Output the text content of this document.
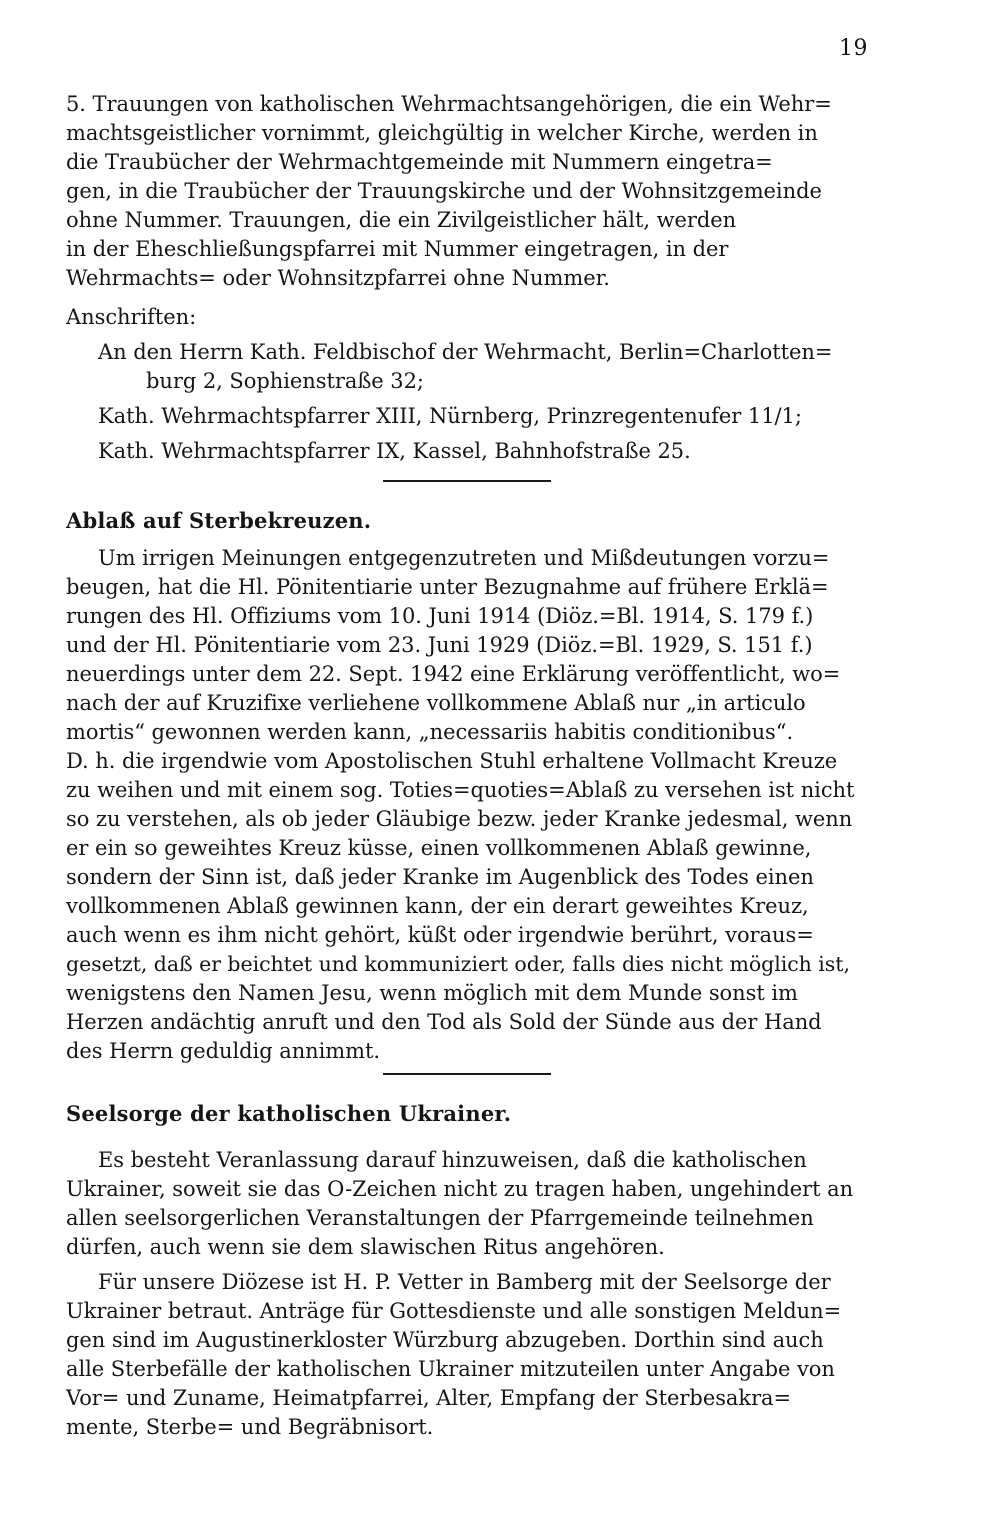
19
5. Trauungen von katholischen Wehrmachtsangehörigen, die ein Wehr=
machtsgeistlicher vornimmt, gleichgültig in welcher Kirche, werden in
die Traubücher der Wehrmachtgemeinde mit Nummern eingetra=
gen, in die Traubücher der Trauungskirche und der Wohnsitzgemeinde
ohne Nummer. Trauungen, die ein Zivilgeistlicher hält, werden
in der Eheschließungspfarrei mit Nummer eingetragen, in der
Wehrmachts= oder Wohnsitzpfarrei ohne Nummer.
Anschriften:
An den Herrn Kath. Feldbischof der Wehrmacht, Berlin=Charlotten=
burg 2, Sophienstraße 32;
Kath. Wehrmachtspfarrer XIII, Nürnberg, Prinzregentenufer 11/1;
Kath. Wehrmachtspfarrer IX, Kassel, Bahnhofstraße 25.
Ablaß auf Sterbekreuzen.
Um irrigen Meinungen entgegenzutreten und Mißdeutungen vorzu=
beugen, hat die Hl. Pönitentiarie unter Bezugnahme auf frühere Erklä=
rungen des Hl. Offiziums vom 10. Juni 1914 (Diöz.=Bl. 1914, S. 179 f.)
und der Hl. Pönitentiarie vom 23. Juni 1929 (Diöz.=Bl. 1929, S. 151 f.)
neuerdings unter dem 22. Sept. 1942 eine Erklärung veröffentlicht, wo=
nach der auf Kruzifixe verliehene vollkommene Ablaß nur „in articulo
mortis“ gewonnen werden kann, „necessariis habitis conditionibus“.
D. h. die irgendwie vom Apostolischen Stuhl erhaltene Vollmacht Kreuze
zu weihen und mit einem sog. Toties=quoties=Ablaß zu versehen ist nicht
so zu verstehen, als ob jeder Gläubige bezw. jeder Kranke jedesmal, wenn
er ein so geweihtes Kreuz küsse, einen vollkommenen Ablaß gewinne,
sondern der Sinn ist, daß jeder Kranke im Augenblick des Todes einen
vollkommenen Ablaß gewinnen kann, der ein derart geweihtes Kreuz,
auch wenn es ihm nicht gehört, küßt oder irgendwie berührt, voraus=
gesetzt, daß er beichtet und kommuniziert oder, falls dies nicht möglich ist,
wenigstens den Namen Jesu, wenn möglich mit dem Munde sonst im
Herzen andächtig anruft und den Tod als Sold der Sünde aus der Hand
des Herrn geduldig annimmt.
Seelsorge der katholischen Ukrainer.
Es besteht Veranlassung darauf hinzuweisen, daß die katholischen
Ukrainer, soweit sie das O-Zeichen nicht zu tragen haben, ungehindert an
allen seelsorgerlichen Veranstaltungen der Pfarrgemeinde teilnehmen
dürfen, auch wenn sie dem slawischen Ritus angehören.
Für unsere Diözese ist H. P. Vetter in Bamberg mit der Seelsorge der
Ukrainer betraut. Anträge für Gottesdienste und alle sonstigen Meldun=
gen sind im Augustinerkloster Würzburg abzugeben. Dorthin sind auch
alle Sterbefälle der katholischen Ukrainer mitzuteilen unter Angabe von
Vor= und Zuname, Heimatpfarrei, Alter, Empfang der Sterbesakra=
mente, Sterbe= und Begräbnisort.
